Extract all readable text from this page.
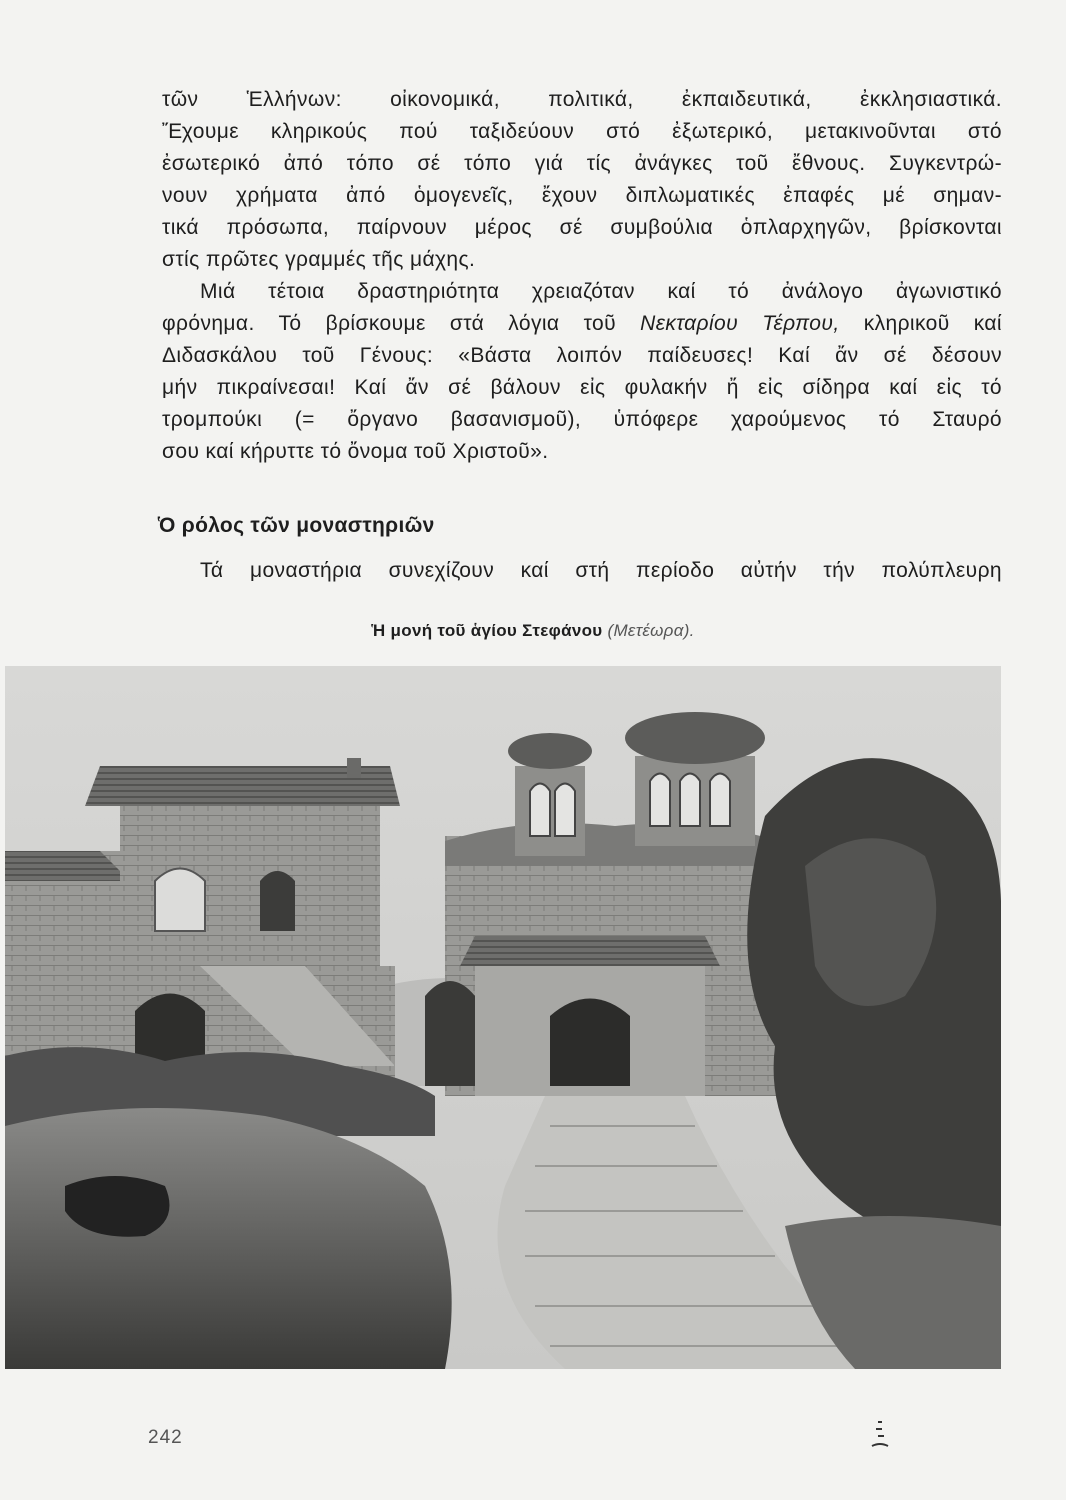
τῶν Ἑλλήνων: οἰκονομικά, πολιτικά, ἐκπαιδευτικά, ἐκκλησιαστικά.
Ἔχουμε κληρικούς πού ταξιδεύουν στό ἐξωτερικό, μετακινοῦνται στό
ἐσωτερικό ἀπό τόπο σέ τόπο γιά τίς ἀνάγκες τοῦ ἔθνους. Συγκεντρώ-
νουν χρήματα ἀπό ὁμογενεῖς, ἔχουν διπλωματικές ἐπαφές μέ σημαν-
τικά πρόσωπα, παίρνουν μέρος σέ συμβούλια ὁπλαρχηγῶν, βρίσκονται
στίς πρῶτες γραμμές τῆς μάχης.

Μιά τέτοια δραστηριότητα χρειαζόταν καί τό ἀνάλογο ἀγωνιστικό
φρόνημα. Τό βρίσκουμε στά λόγια τοῦ Νεκταρίου Τέρπου, κληρικοῦ καί
Διδασκάλου τοῦ Γένους: «Βάστα λοιπόν παίδευσες! Καί ἄν σέ δέσουν
μήν πικραίνεσαι! Καί ἄν σέ βάλουν εἰς φυλακήν ἤ εἰς σίδηρα καί εἰς τό
τρομπούκι (= ὄργανο βασανισμοῦ), ὑπόφερε χαρούμενος τό Σταυρό
σου καί κήρυττε τό ὄνομα τοῦ Χριστοῦ».

Ὁ ρόλος τῶν μοναστηριῶν
Τά μοναστήρια συνεχίζουν καί στή περίοδο αὐτήν τήν πολύπλευρη
Ἡ μονή τοῦ ἁγίου Στεφάνου (Μετέωρα).
242
